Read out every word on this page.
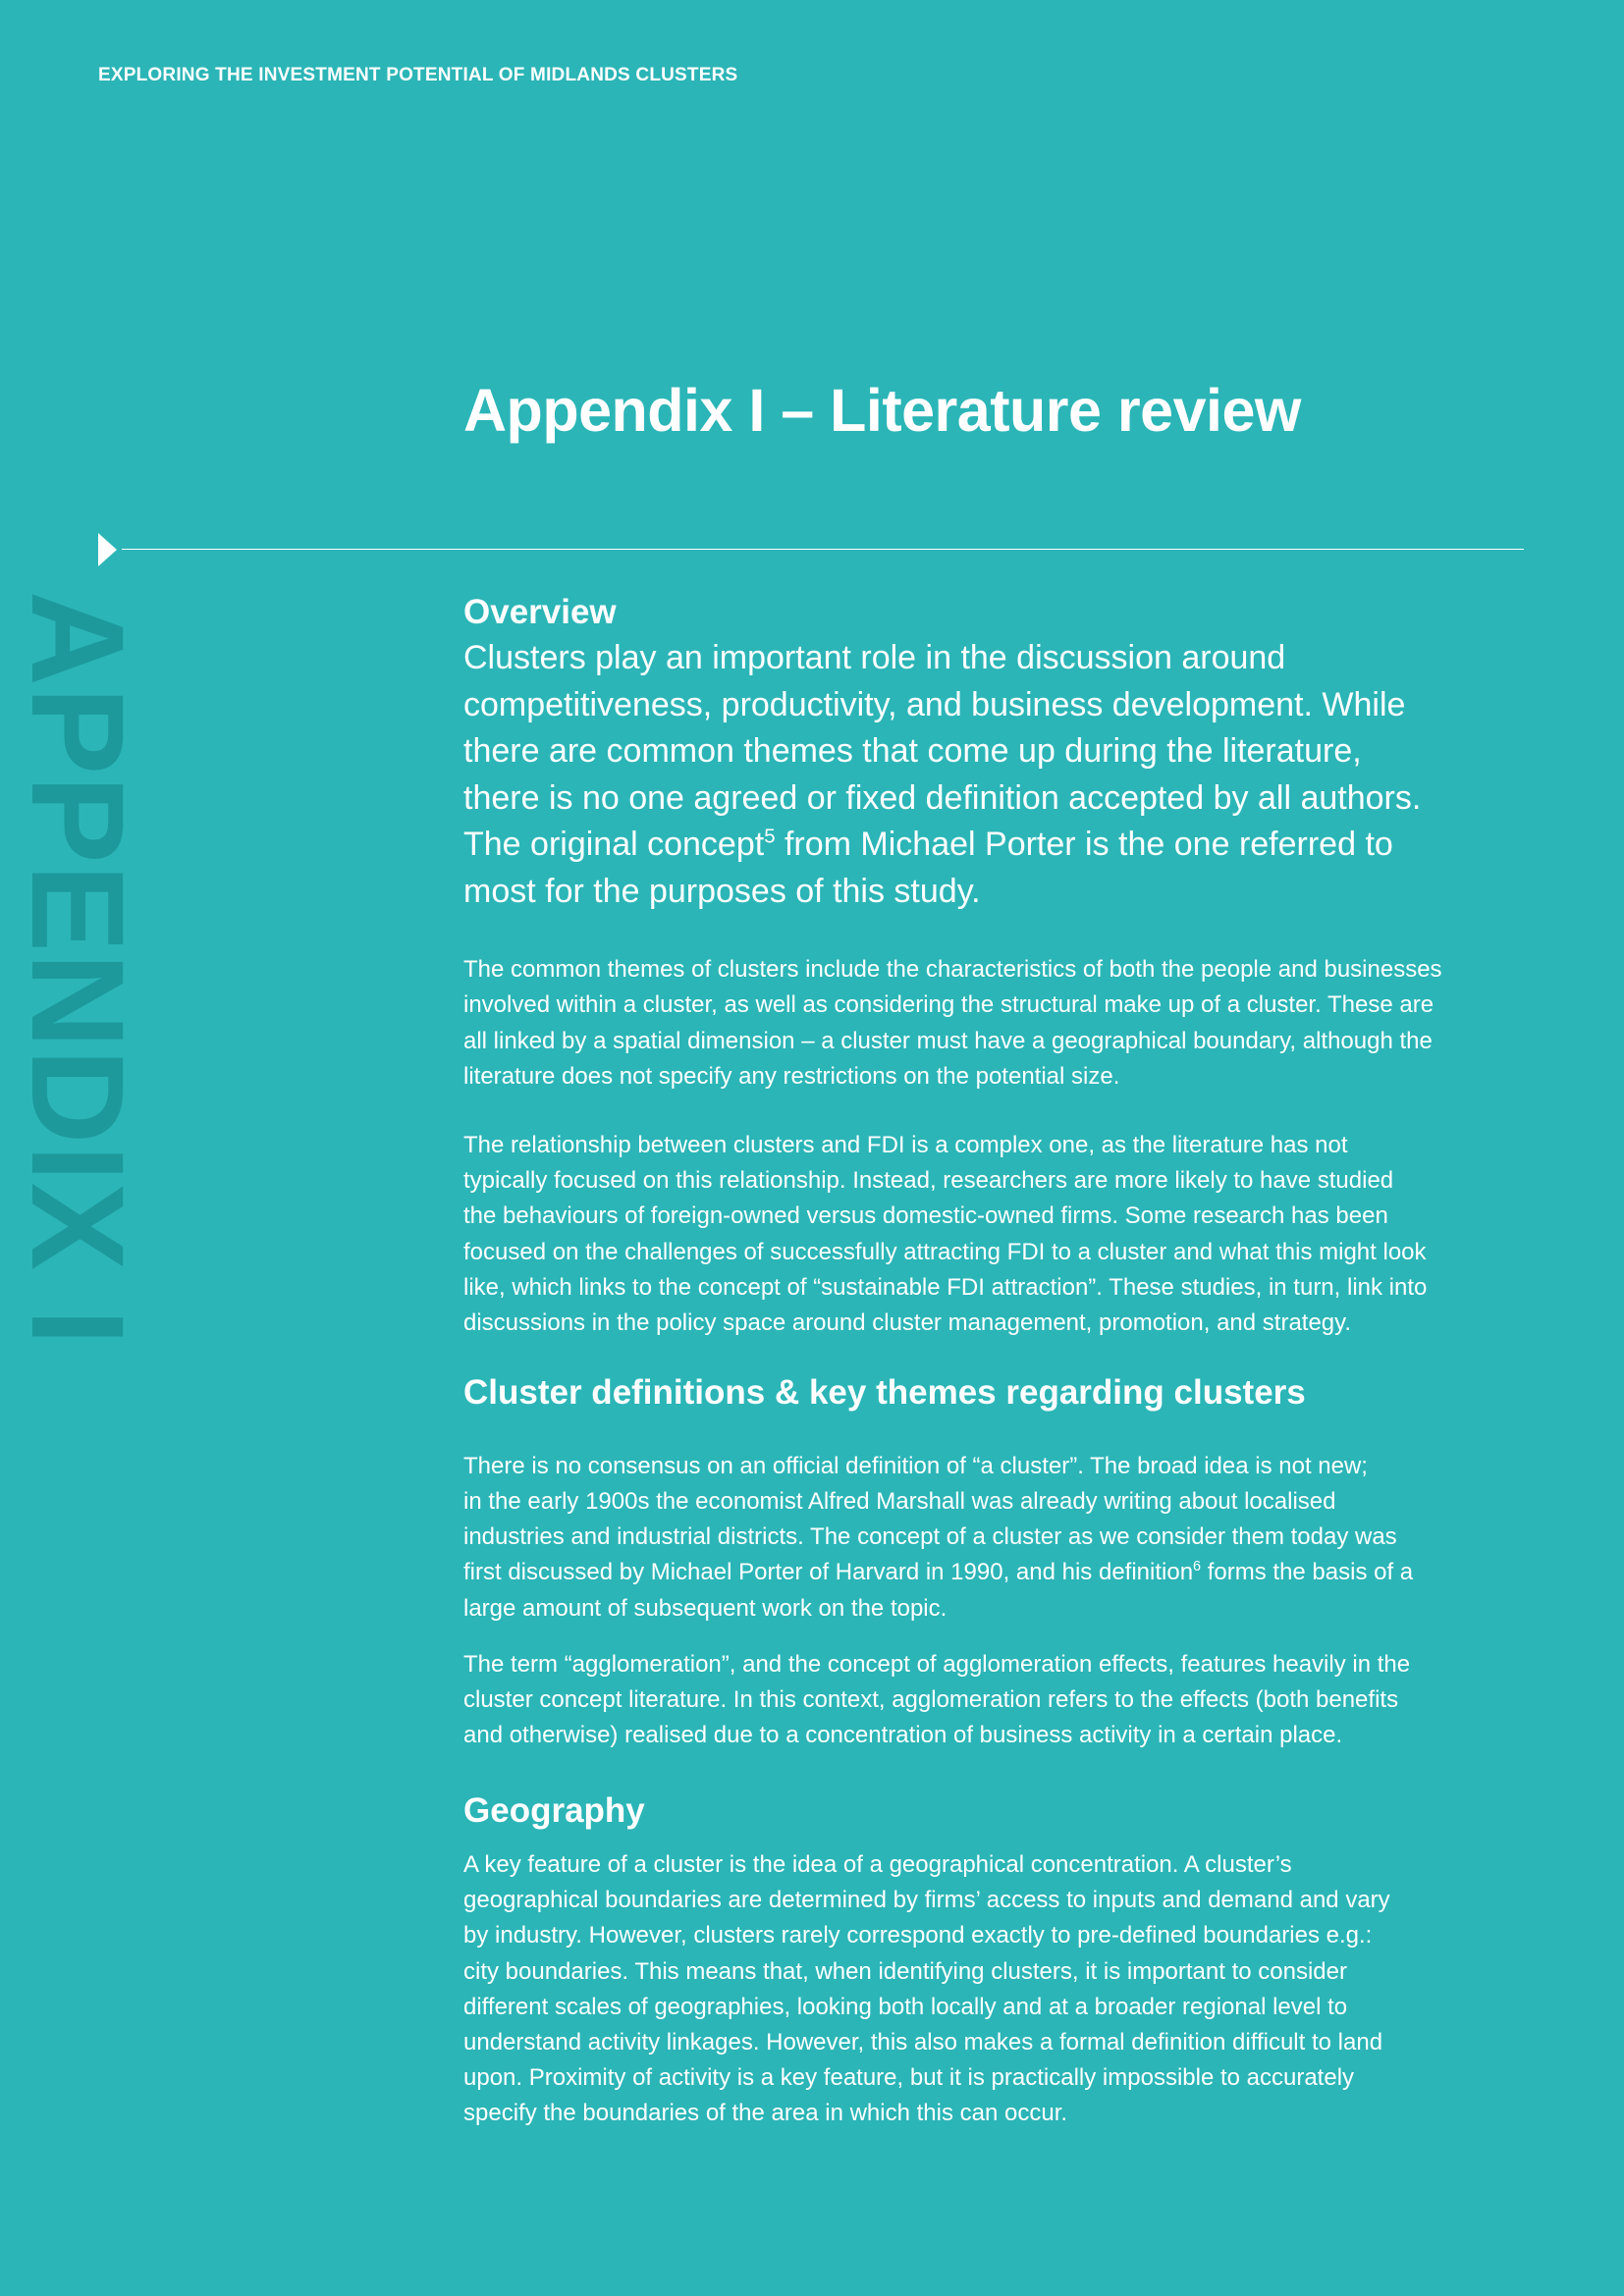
EXPLORING THE INVESTMENT POTENTIAL OF MIDLANDS CLUSTERS
Appendix I – Literature review
APPENDIX I	Overview

Clusters play an important role in the discussion around
competitiveness, productivity, and business development. While
there are common themes that come up during the literature,
there is no one agreed or fixed definition accepted by all authors.
The original concept$^5$ from Michael Porter is the one referred to
most for the purposes of this study.

The common themes of clusters include the characteristics of both the people and businesses
involved within a cluster, as well as considering the structural make up of a cluster. These are
all linked by a spatial dimension – a cluster must have a geographical boundary, although the
literature does not specify any restrictions on the potential size.

The relationship between clusters and FDI is a complex one, as the literature has not
typically focused on this relationship. Instead, researchers are more likely to have studied
the behaviours of foreign-owned versus domestic-owned firms. Some research has been
focused on the challenges of successfully attracting FDI to a cluster and what this might look
like, which links to the concept of “sustainable FDI attraction”. These studies, in turn, link into
discussions in the policy space around cluster management, promotion, and strategy.

Cluster definitions & key themes regarding clusters

There is no consensus on an official definition of “a cluster”. The broad idea is not new;
in the early 1900s the economist Alfred Marshall was already writing about localised
industries and industrial districts. The concept of a cluster as we consider them today was
first discussed by Michael Porter of Harvard in 1990, and his definition$^6$ forms the basis of a
large amount of subsequent work on the topic.

The term “agglomeration”, and the concept of agglomeration effects, features heavily in the
cluster concept literature. In this context, agglomeration refers to the effects (both benefits
and otherwise) realised due to a concentration of business activity in a certain place.

Geography

A key feature of a cluster is the idea of a geographical concentration. A cluster’s
geographical boundaries are determined by firms’ access to inputs and demand and vary
by industry. However, clusters rarely correspond exactly to pre-defined boundaries e.g.:
city boundaries. This means that, when identifying clusters, it is important to consider
different scales of geographies, looking both locally and at a broader regional level to
understand activity linkages. However, this also makes a formal definition difficult to land
upon. Proximity of activity is a key feature, but it is practically impossible to accurately
specify the boundaries of the area in which this can occur.
